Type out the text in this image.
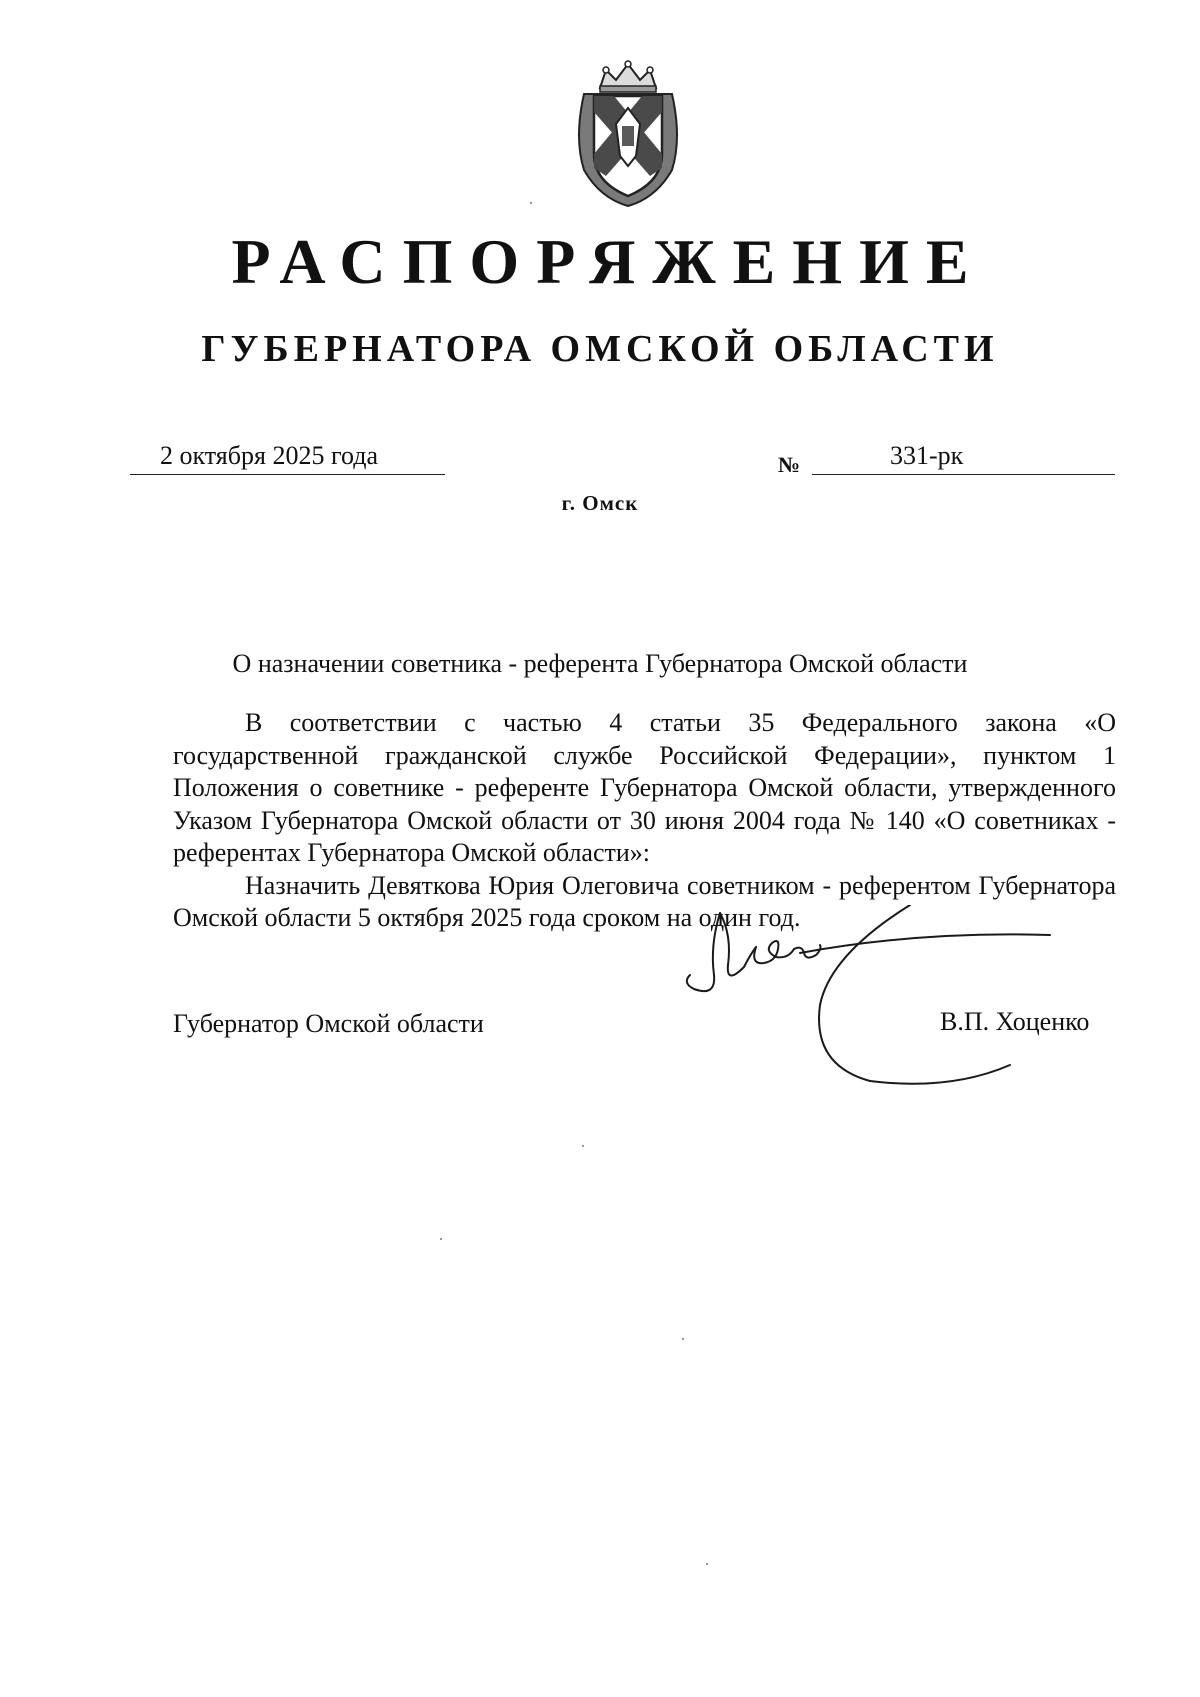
РАСПОРЯЖЕНИЕ
ГУБЕРНАТОРА ОМСКОЙ ОБЛАСТИ
2 октября 2025 года	№	331-рк
г. Омск
О назначении советника - референта Губернатора Омской области

В соответствии с частью 4 статьи 35 Федерального закона «О государственной гражданской службе Российской Федерации», пунктом 1 Положения о советнике - референте Губернатора Омской области, утвержденного Указом Губернатора Омской области от 30 июня 2004 года № 140 «О советниках - референтах Губернатора Омской области»:

Назначить Девяткова Юрия Олеговича советником - референтом Губернатора Омской области 5 октября 2025 года сроком на один год.

Губернатор Омской области	В.П. Хоценко
